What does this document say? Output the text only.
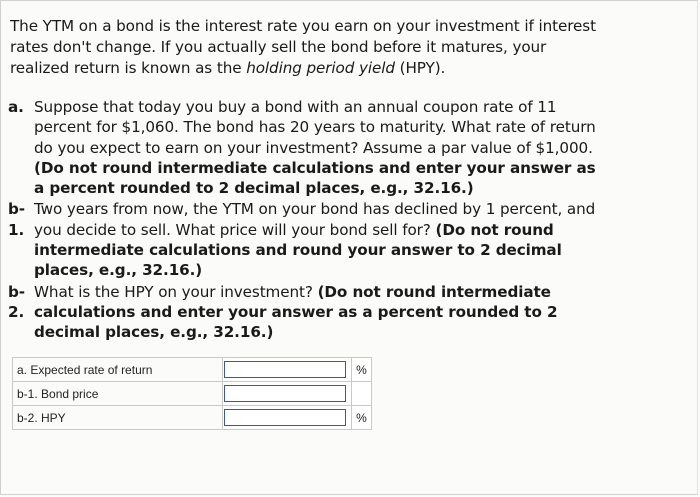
The YTM on a bond is the interest rate you earn on your investment if interest rates don't change. If you actually sell the bond before it matures, your realized return is known as the holding period yield (HPY).
a. Suppose that today you buy a bond with an annual coupon rate of 11 percent for $1,060. The bond has 20 years to maturity. What rate of return do you expect to earn on your investment? Assume a par value of $1,000. (Do not round intermediate calculations and enter your answer as a percent rounded to 2 decimal places, e.g., 32.16.)
b-
1.
Two years from now, the YTM on your bond has declined by 1 percent, and you decide to sell. What price will your bond sell for? (Do not round intermediate calculations and round your answer to 2 decimal places, e.g., 32.16.)
b-
2.
What is the HPY on your investment? (Do not round intermediate calculations and enter your answer as a percent rounded to 2 decimal places, e.g., 32.16.)
a. Expected rate of return		%
b-1. Bond price	

b-2. HPY		%
